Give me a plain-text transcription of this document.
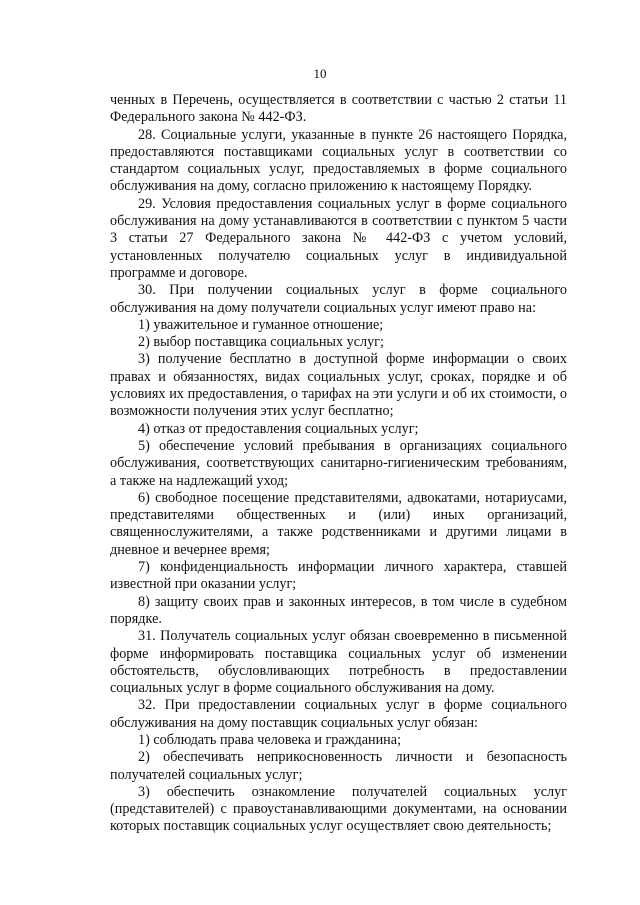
10

ченных в Перечень, осуществляется в соответствии с частью 2 статьи 11 Федерального закона № 442-ФЗ.

28. Социальные услуги, указанные в пункте 26 настоящего Порядка, предоставляются поставщиками социальных услуг в соответствии со стандартом социальных услуг, предоставляемых в форме социального обслуживания на дому, согласно приложению к настоящему Порядку.

29. Условия предоставления социальных услуг в форме социального обслуживания на дому устанавливаются в соответствии с пунктом 5 части 3 статьи 27 Федерального закона № 442-ФЗ с учетом условий, установленных получателю социальных услуг в индивидуальной программе и договоре.

30. При получении социальных услуг в форме социального обслуживания на дому получатели социальных услуг имеют право на:

1) уважительное и гуманное отношение;

2) выбор поставщика социальных услуг;

3) получение бесплатно в доступной форме информации о своих правах и обязанностях, видах социальных услуг, сроках, порядке и об условиях их предоставления, о тарифах на эти услуги и об их стоимости, о возможности получения этих услуг бесплатно;

4) отказ от предоставления социальных услуг;

5) обеспечение условий пребывания в организациях социального обслуживания, соответствующих санитарно-гигиеническим требованиям, а также на надлежащий уход;

6) свободное посещение представителями, адвокатами, нотариусами, представителями общественных и (или) иных организаций, священнослужителями, а также родственниками и другими лицами в дневное и вечернее время;

7) конфиденциальность информации личного характера, ставшей известной при оказании услуг;

8) защиту своих прав и законных интересов, в том числе в судебном порядке.

31. Получатель социальных услуг обязан своевременно в письменной форме информировать поставщика социальных услуг об изменении обстоятельств, обусловливающих потребность в предоставлении социальных услуг в форме социального обслуживания на дому.

32. При предоставлении социальных услуг в форме социального обслуживания на дому поставщик социальных услуг обязан:

1) соблюдать права человека и гражданина;

2) обеспечивать неприкосновенность личности и безопасность получателей социальных услуг;

3) обеспечить ознакомление получателей социальных услуг (представителей) с правоустанавливающими документами, на основании которых поставщик социальных услуг осуществляет свою деятельность;
